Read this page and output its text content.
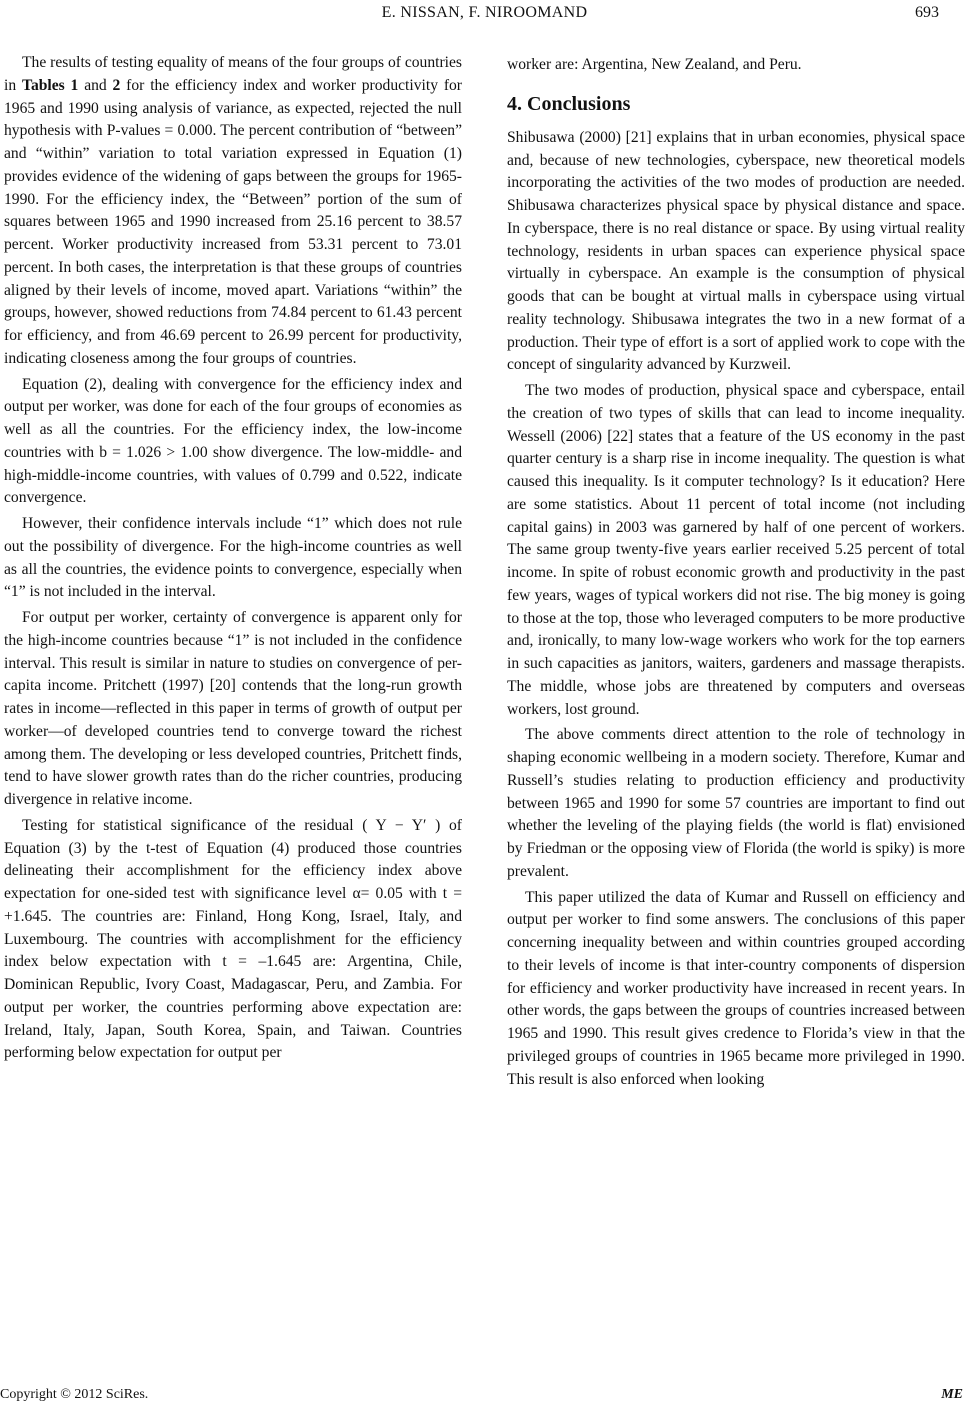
E. NISSAN, F. NIROOMAND	693

The results of testing equality of means of the four groups of countries in Tables 1 and 2 for the efficiency index and worker productivity for 1965 and 1990 using analysis of variance, as expected, rejected the null hypothesis with P-values = 0.000. The percent contribution of “between” and “within” variation to total variation expressed in Equation (1) provides evidence of the widening of gaps between the groups for 1965-1990. For the efficiency index, the “Between” portion of the sum of squares between 1965 and 1990 increased from 25.16 percent to 38.57 percent. Worker productivity increased from 53.31 percent to 73.01 percent. In both cases, the interpretation is that these groups of countries aligned by their levels of income, moved apart. Variations “within” the groups, however, showed reductions from 74.84 percent to 61.43 percent for efficiency, and from 46.69 percent to 26.99 percent for productivity, indicating closeness among the four groups of countries.

Equation (2), dealing with convergence for the efficiency index and output per worker, was done for each of the four groups of economies as well as all the countries. For the efficiency index, the low-income countries with b = 1.026 > 1.00 show divergence. The low-middle- and high-middle-income countries, with values of 0.799 and 0.522, indicate convergence.

However, their confidence intervals include “1” which does not rule out the possibility of divergence. For the high-income countries as well as all the countries, the evidence points to convergence, especially when “1” is not included in the interval.

For output per worker, certainty of convergence is apparent only for the high-income countries because “1” is not included in the confidence interval. This result is similar in nature to studies on convergence of per-capita income. Pritchett (1997) [20] contends that the long-run growth rates in income—reflected in this paper in terms of growth of output per worker—of developed countries tend to converge toward the richest among them. The developing or less developed countries, Pritchett finds, tend to have slower growth rates than do the richer countries, producing divergence in relative income.

Testing for statistical significance of the residual ( Y − Y′ ) of Equation (3) by the t-test of Equation (4) produced those countries delineating their accomplishment for the efficiency index above expectation for one-sided test with significance level α= 0.05 with t = +1.645. The countries are: Finland, Hong Kong, Israel, Italy, and Luxembourg. The countries with accomplishment for the efficiency index below expectation with t = –1.645 are: Argentina, Chile, Dominican Republic, Ivory Coast, Madagascar, Peru, and Zambia. For output per worker, the countries performing above expectation are: Ireland, Italy, Japan, South Korea, Spain, and Taiwan. Countries performing below expectation for output per

worker are: Argentina, New Zealand, and Peru.

4. Conclusions

Shibusawa (2000) [21] explains that in urban economies, physical space and, because of new technologies, cyberspace, new theoretical models incorporating the activities of the two modes of production are needed. Shibusawa characterizes physical space by physical distance and space. In cyberspace, there is no real distance or space. By using virtual reality technology, residents in urban spaces can experience physical space virtually in cyberspace. An example is the consumption of physical goods that can be bought at virtual malls in cyberspace using virtual reality technology. Shibusawa integrates the two in a new format of a production. Their type of effort is a sort of applied work to cope with the concept of singularity advanced by Kurzweil.

The two modes of production, physical space and cyberspace, entail the creation of two types of skills that can lead to income inequality. Wessell (2006) [22] states that a feature of the US economy in the past quarter century is a sharp rise in income inequality. The question is what caused this inequality. Is it computer technology? Is it education? Here are some statistics. About 11 percent of total income (not including capital gains) in 2003 was garnered by half of one percent of workers. The same group twenty-five years earlier received 5.25 percent of total income. In spite of robust economic growth and productivity in the past few years, wages of typical workers did not rise. The big money is going to those at the top, those who leveraged computers to be more productive and, ironically, to many low-wage workers who work for the top earners in such capacities as janitors, waiters, gardeners and massage therapists. The middle, whose jobs are threatened by computers and overseas workers, lost ground.

The above comments direct attention to the role of technology in shaping economic wellbeing in a modern society. Therefore, Kumar and Russell’s studies relating to production efficiency and productivity between 1965 and 1990 for some 57 countries are important to find out whether the leveling of the playing fields (the world is flat) envisioned by Friedman or the opposing view of Florida (the world is spiky) is more prevalent.

This paper utilized the data of Kumar and Russell on efficiency and output per worker to find some answers. The conclusions of this paper concerning inequality between and within countries grouped according to their levels of income is that inter-country components of dispersion for efficiency and worker productivity have increased in recent years. In other words, the gaps between the groups of countries increased between 1965 and 1990. This result gives credence to Florida’s view in that the privileged groups of countries in 1965 became more privileged in 1990. This result is also enforced when looking

Copyright © 2012 SciRes.	ME
